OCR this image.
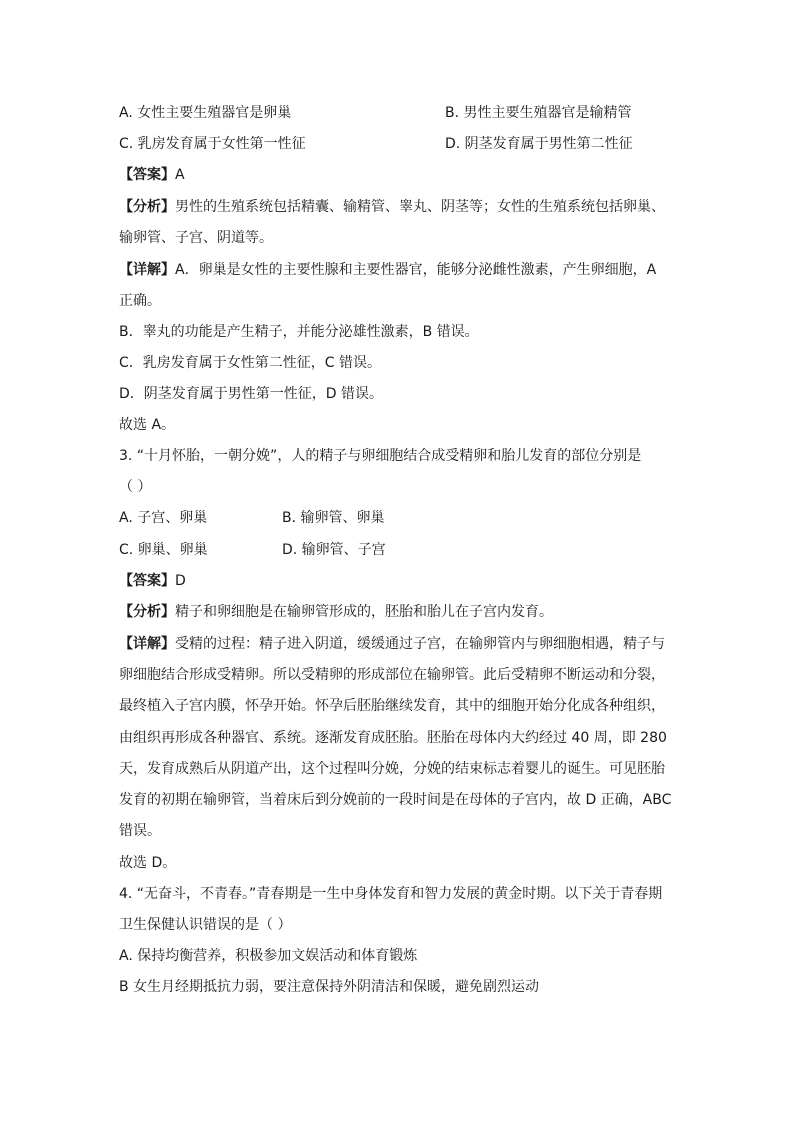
A. 女性主要生殖器官是卵巢	B. 男性主要生殖器官是输精管
C. 乳房发育属于女性第一性征	D. 阴茎发育属于男性第二性征
【答案】A
【分析】男性的生殖系统包括精囊、输精管、睾丸、阴茎等；女性的生殖系统包括卵巢、
输卵管、子宫、阴道等。
【详解】A．卵巢是女性的主要性腺和主要性器官，能够分泌雌性激素，产生卵细胞，A
正确。
B．睾丸的功能是产生精子，并能分泌雄性激素，B 错误。
C．乳房发育属于女性第二性征，C 错误。
D．阴茎发育属于男性第一性征，D 错误。
故选 A。
3. “十月怀胎，一朝分娩”，人的精子与卵细胞结合成受精卵和胎儿发育的部位分别是
（ ）
A. 子宫、卵巢	B. 输卵管、卵巢
C. 卵巢、卵巢	D. 输卵管、子宫
【答案】D
【分析】精子和卵细胞是在输卵管形成的，胚胎和胎儿在子宫内发育。
【详解】受精的过程：精子进入阴道，缓缓通过子宫，在输卵管内与卵细胞相遇，精子与
卵细胞结合形成受精卵。所以受精卵的形成部位在输卵管。此后受精卵不断运动和分裂，
最终植入子宫内膜，怀孕开始。怀孕后胚胎继续发育，其中的细胞开始分化成各种组织，
由组织再形成各种器官、系统。逐渐发育成胚胎。胚胎在母体内大约经过 40 周，即 280
天，发育成熟后从阴道产出，这个过程叫分娩，分娩的结束标志着婴儿的诞生。可见胚胎
发育的初期在输卵管，当着床后到分娩前的一段时间是在母体的子宫内，故 D 正确，ABC
错误。
故选 D。
4. “无奋斗，不青春。”青春期是一生中身体发育和智力发展的黄金时期。以下关于青春期
卫生保健认识错误的是（ ）
A. 保持均衡营养，积极参加文娱活动和体育锻炼
B 女生月经期抵抗力弱，要注意保持外阴清洁和保暖，避免剧烈运动
